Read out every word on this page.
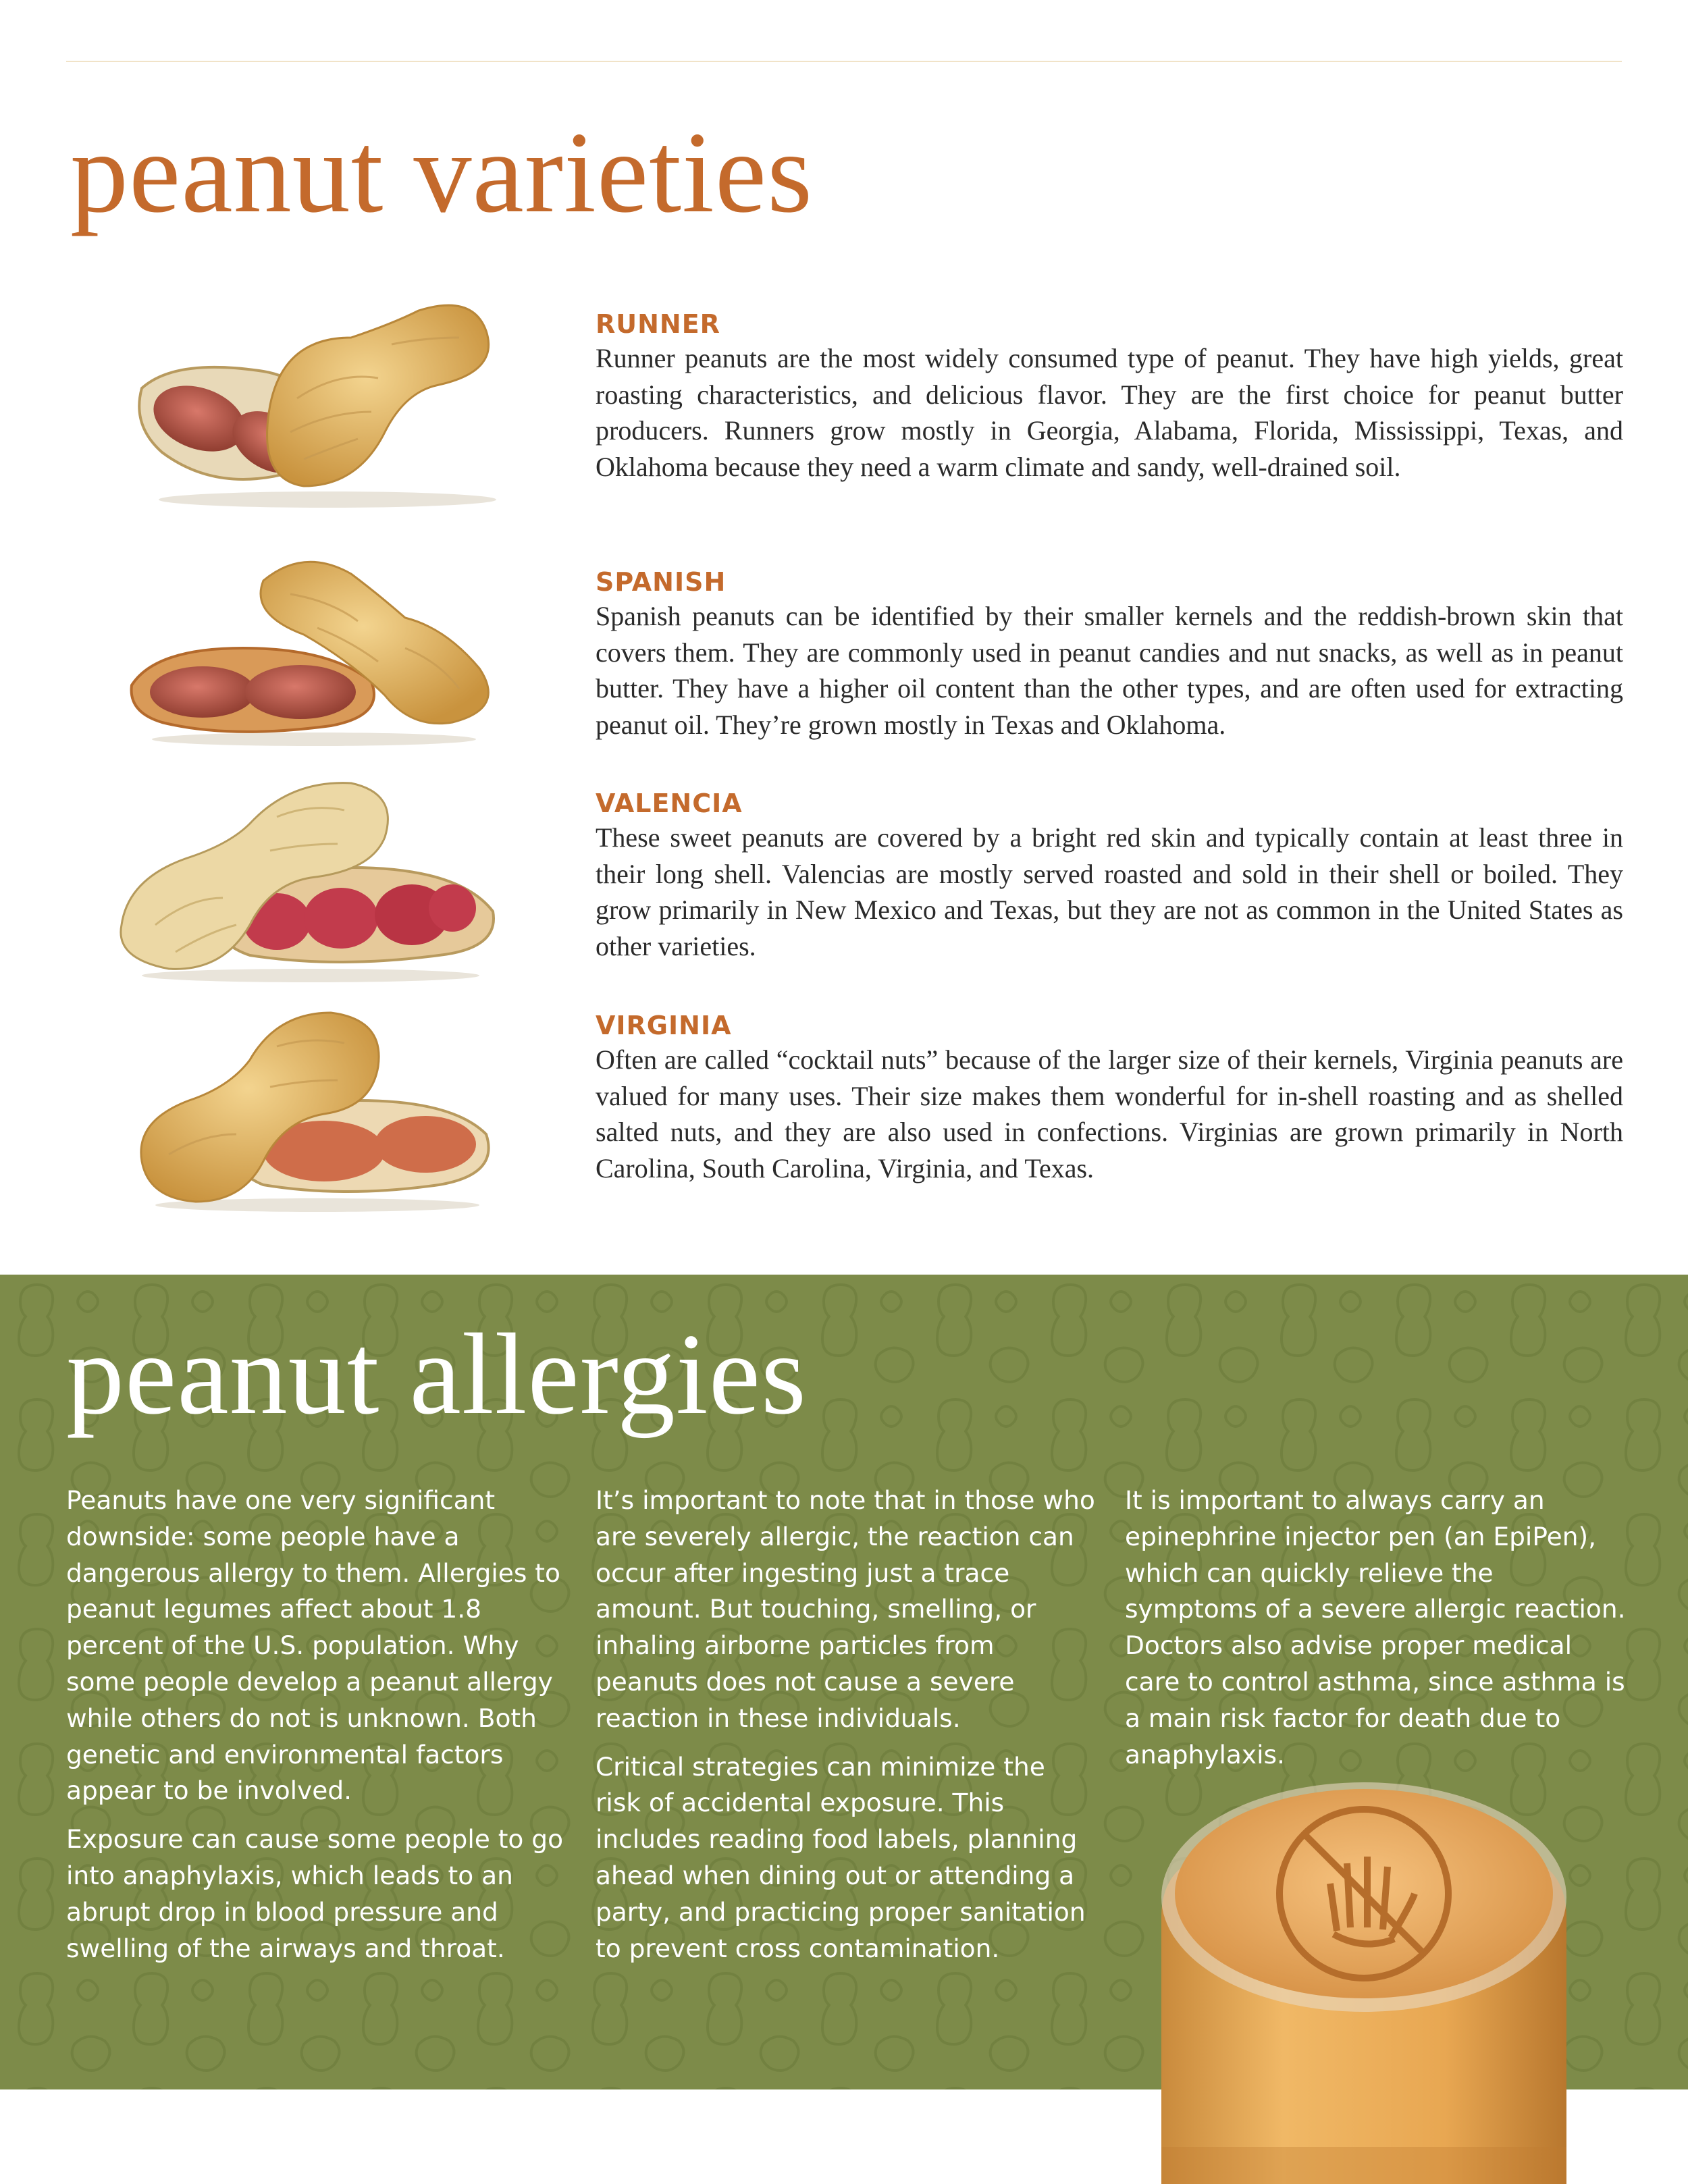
peanut varieties
RUNNER

Runner peanuts are the most widely consumed type of peanut. They have high yields, great roasting characteristics, and delicious flavor. They are the first choice for peanut butter producers. Runners grow mostly in Georgia, Alabama, Florida, Mississippi, Texas, and Oklahoma because they need a warm climate and sandy, well-drained soil.

SPANISH

Spanish peanuts can be identified by their smaller kernels and the reddish-brown skin that covers them. They are commonly used in peanut candies and nut snacks, as well as in peanut butter. They have a higher oil content than the other types, and are often used for extracting peanut oil. They’re grown mostly in Texas and Oklahoma.

VALENCIA

These sweet peanuts are covered by a bright red skin and typically contain at least three in their long shell. Valencias are mostly served roasted and sold in their shell or boiled. They grow primarily in New Mexico and Texas, but they are not as common in the United States as other varieties.

VIRGINIA

Often are called “cocktail nuts” because of the larger size of their kernels, Virginia peanuts are valued for many uses. Their size makes them wonderful for in-shell roasting and as shelled salted nuts, and they are also used in confections. Virginias are grown primarily in North Carolina, South Carolina, Virginia, and Texas.

peanut allergies

Peanuts have one very significant downside: some people have a dangerous allergy to them. Allergies to peanut legumes affect about 1.8 percent of the U.S. population. Why some people develop a peanut allergy while others do not is unknown. Both genetic and environmental factors appear to be involved.

Exposure can cause some people to go into anaphylaxis, which leads to an abrupt drop in blood pressure and swelling of the airways and throat.

It’s important to note that in those who are severely allergic, the reaction can occur after ingesting just a trace amount. But touching, smelling, or inhaling airborne particles from peanuts does not cause a severe reaction in these individuals.

Critical strategies can minimize the risk of accidental exposure. This includes reading food labels, planning ahead when dining out or attending a party, and practicing proper sanitation to prevent cross contamination.

It is important to always carry an epinephrine injector pen (an EpiPen), which can quickly relieve the symptoms of a severe allergic reaction. Doctors also advise proper medical care to control asthma, since asthma is a main risk factor for death due to anaphylaxis.
